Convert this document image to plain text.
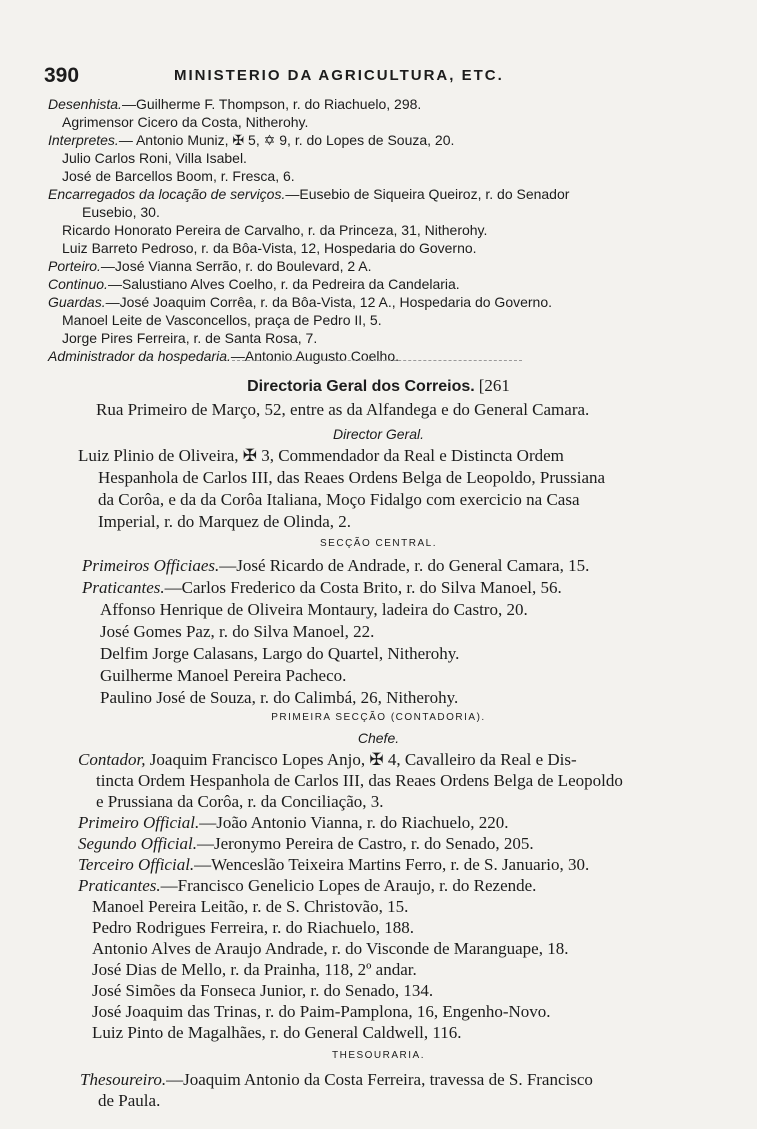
390	MINISTERIO DA AGRICULTURA, ETC.
Desenhista.—Guilherme F. Thompson, r. do Riachuelo, 298.
Agrimensor Cicero da Costa, Nitherohy.
Interpretes.— Antonio Muniz, ✠ 5, ✡ 9, r. do Lopes de Souza, 20.
Julio Carlos Roni, Villa Isabel.
José de Barcellos Boom, r. Fresca, 6.
Encarregados da locação de serviços.—Eusebio de Siqueira Queiroz, r. do Senador
Eusebio, 30.
Ricardo Honorato Pereira de Carvalho, r. da Princeza, 31, Nitherohy.
Luiz Barreto Pedroso, r. da Bôa-Vista, 12, Hospedaria do Governo.
Porteiro.—José Vianna Serrão, r. do Boulevard, 2 A.
Continuo.—Salustiano Alves Coelho, r. da Pedreira da Candelaria.
Guardas.—José Joaquim Corrêa, r. da Bôa-Vista, 12 A., Hospedaria do Governo.
Manoel Leite de Vasconcellos, praça de Pedro II, 5.
Jorge Pires Ferreira, r. de Santa Rosa, 7.
Administrador da hospedaria.—Antonio Augusto Coelho.
Directoria Geral dos Correios. [261
Rua Primeiro de Março, 52, entre as da Alfandega e do General Camara.
Director Geral.
Luiz Plinio de Oliveira, ✠ 3, Commendador da Real e Distincta Ordem
Hespanhola de Carlos III, das Reaes Ordens Belga de Leopoldo, Prussiana
da Corôa, e da da Corôa Italiana, Moço Fidalgo com exercicio na Casa
Imperial, r. do Marquez de Olinda, 2.
SECÇÃO CENTRAL.
Primeiros Officiaes.—José Ricardo de Andrade, r. do General Camara, 15.
Praticantes.—Carlos Frederico da Costa Brito, r. do Silva Manoel, 56.
Affonso Henrique de Oliveira Montaury, ladeira do Castro, 20.
José Gomes Paz, r. do Silva Manoel, 22.
Delfim Jorge Calasans, Largo do Quartel, Nitherohy.
Guilherme Manoel Pereira Pacheco.
Paulino José de Souza, r. do Calimbá, 26, Nitherohy.
PRIMEIRA SECÇÃO (CONTADORIA).
Chefe.
Contador, Joaquim Francisco Lopes Anjo, ✠ 4, Cavalleiro da Real e Dis-
tincta Ordem Hespanhola de Carlos III, das Reaes Ordens Belga de Leopoldo
e Prussiana da Corôa, r. da Conciliação, 3.
Primeiro Official.—João Antonio Vianna, r. do Riachuelo, 220.
Segundo Official.—Jeronymo Pereira de Castro, r. do Senado, 205.
Terceiro Official.—Wenceslão Teixeira Martins Ferro, r. de S. Januario, 30.
Praticantes.—Francisco Genelicio Lopes de Araujo, r. do Rezende.
Manoel Pereira Leitão, r. de S. Christovão, 15.
Pedro Rodrigues Ferreira, r. do Riachuelo, 188.
Antonio Alves de Araujo Andrade, r. do Visconde de Maranguape, 18.
José Dias de Mello, r. da Prainha, 118, 2º andar.
José Simões da Fonseca Junior, r. do Senado, 134.
José Joaquim das Trinas, r. do Paim-Pamplona, 16, Engenho-Novo.
Luiz Pinto de Magalhães, r. do General Caldwell, 116.
THESOURARIA.
Thesoureiro.—Joaquim Antonio da Costa Ferreira, travessa de S. Francisco
de Paula.
